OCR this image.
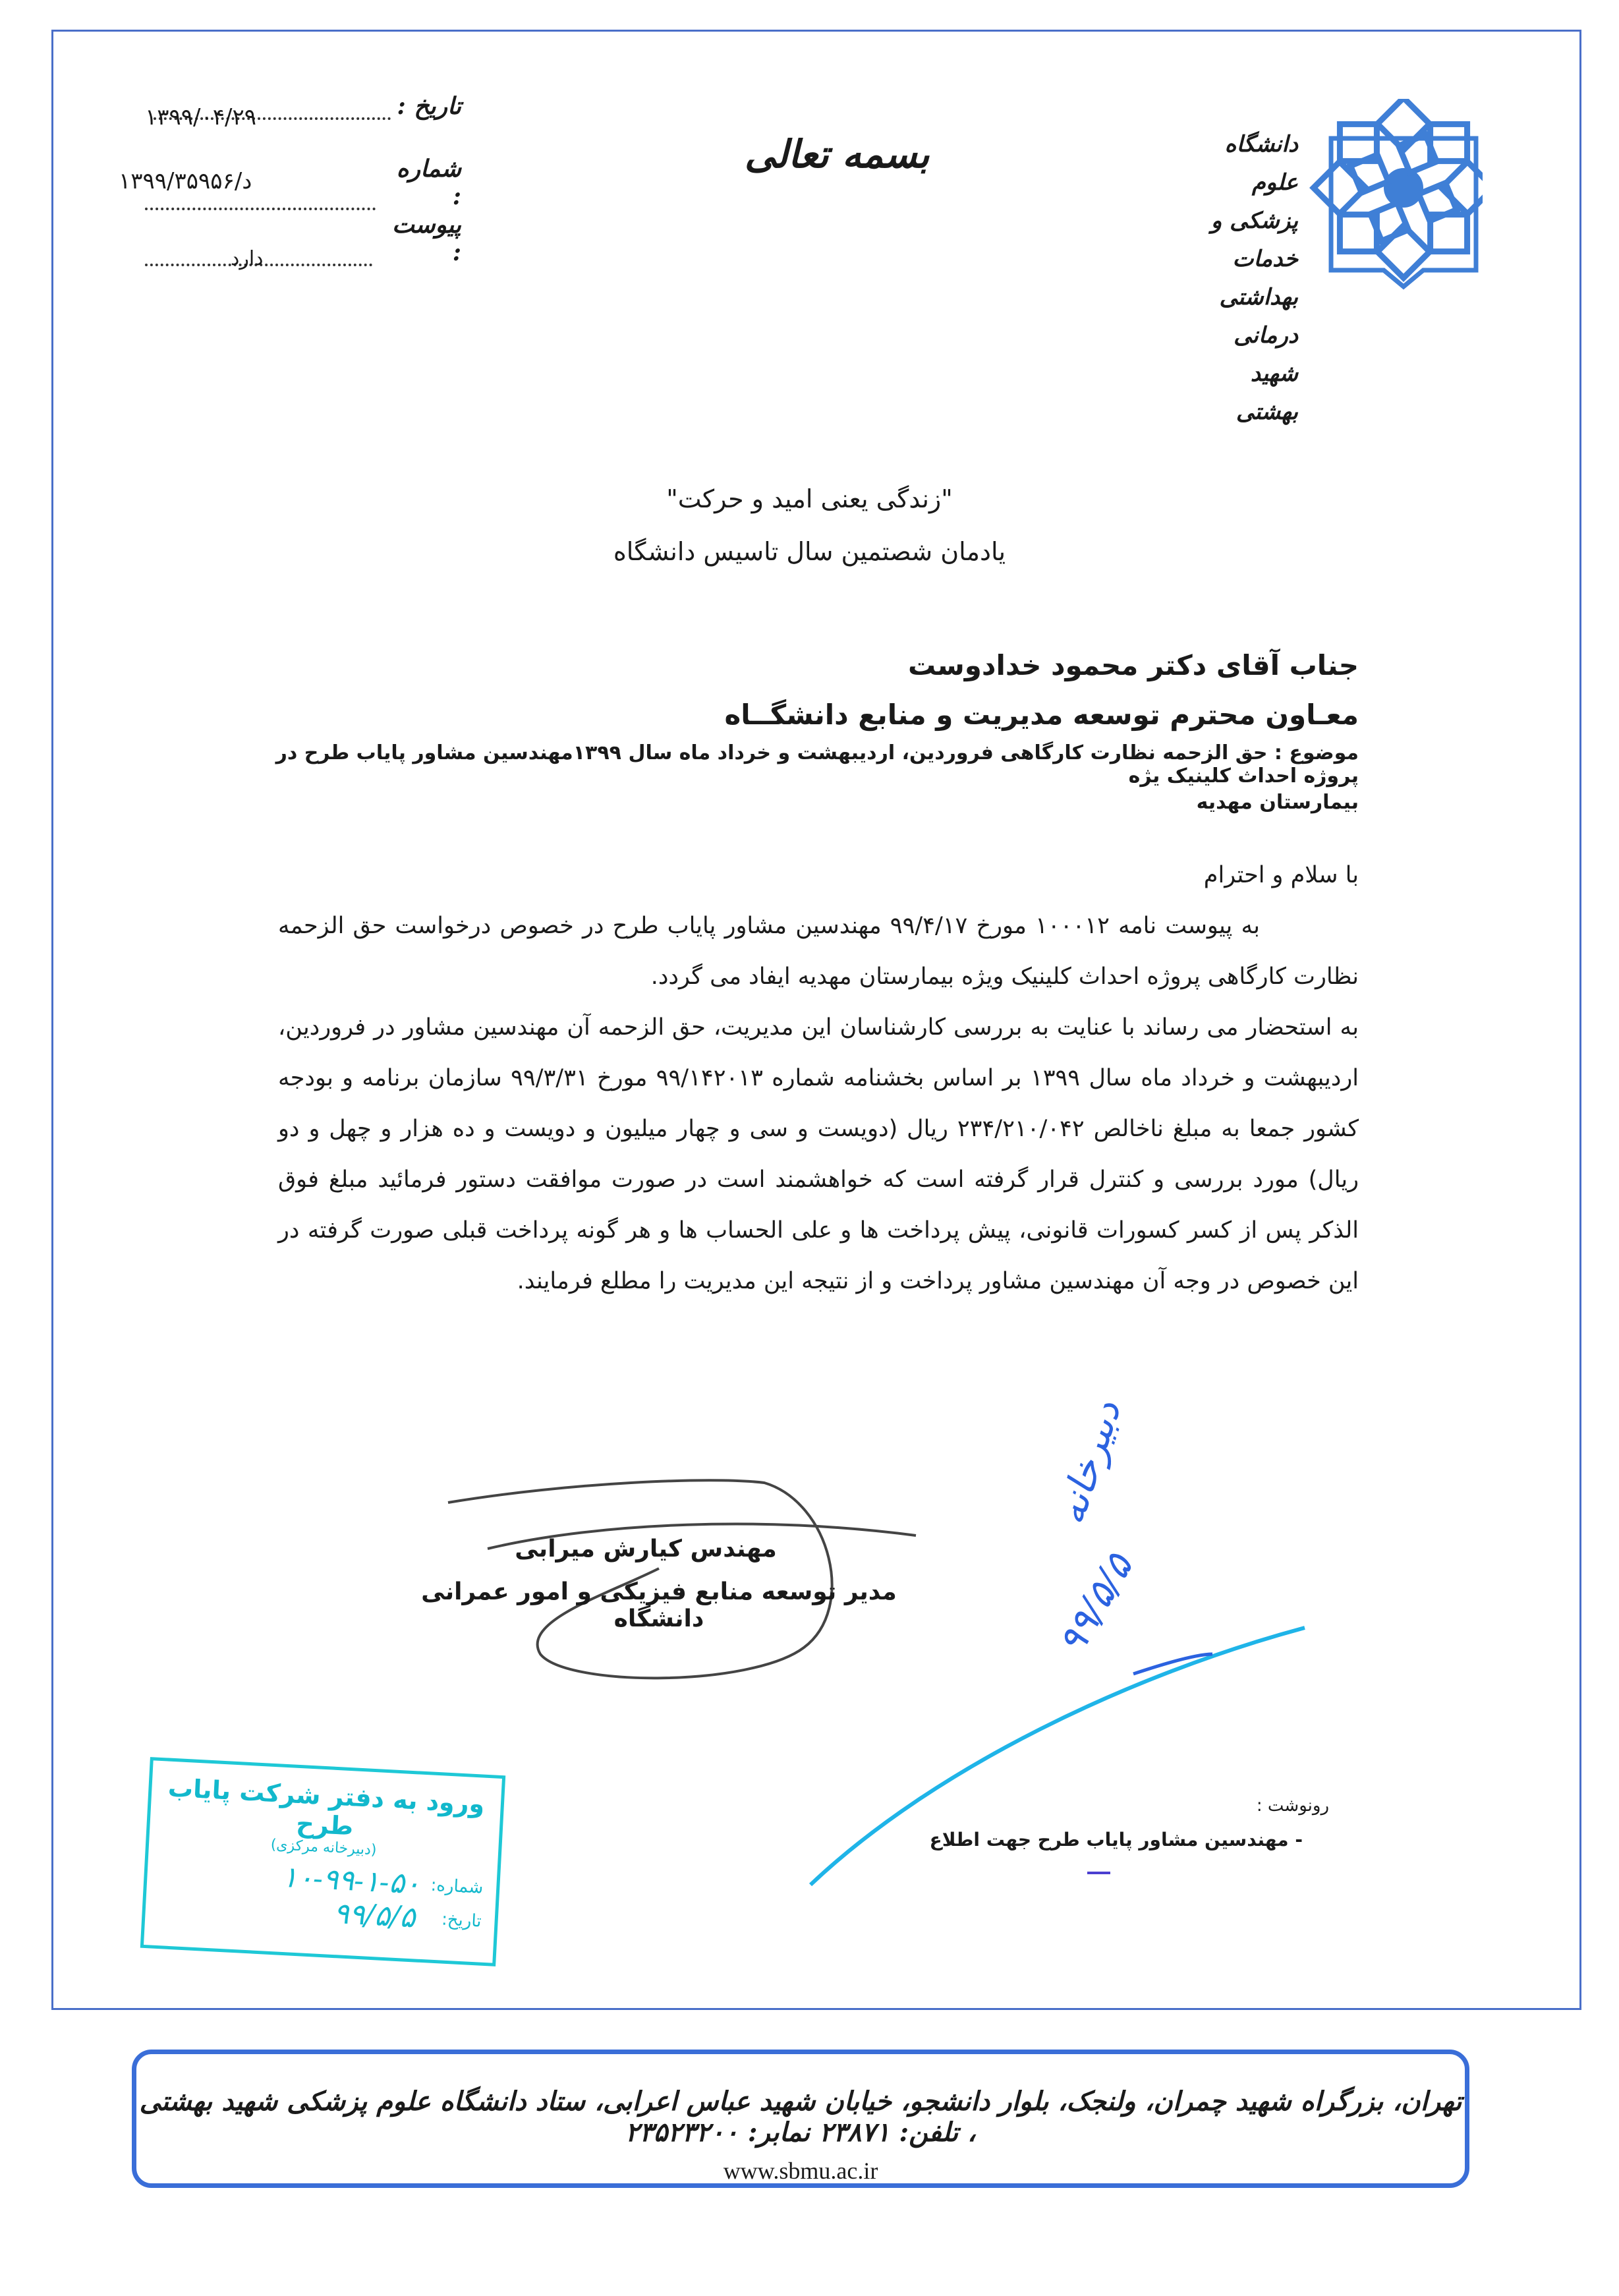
تاریخ :
۱۳۹۹/۰۴/۲۹
شماره :
۱۳۹۹/د/۳۵۹۵۶
پیوست :
دارد
بسمه تعالی	دانشگاه علوم پزشکی و خدمات بهداشتی درمانی شهید بهشتی
"زندگی یعنی امید و حرکت"
یادمان شصتمین سال تاسیس دانشگاه
جناب آقای دکتر محمود خدادوست
معـاون محترم توسعه مدیریت و منابع دانشگــاه
موضوع : حق الزحمه نظارت کارگاهی فروردین، اردیبهشت و خرداد ماه سال ۱۳۹۹مهندسین مشاور پایاب طرح در پروژه احداث کلینیک یژه
بیمارستان مهدیه

با سلام و احترام

به پیوست نامه ۱۰۰۰۱۲ مورخ ۹۹/۴/۱۷ مهندسین مشاور پایاب طرح در خصوص درخواست حق الزحمه نظارت کارگاهی پروژه احداث کلینیک ویژه بیمارستان مهدیه ایفاد می گردد.

به استحضار می رساند با عنایت به بررسی کارشناسان این مدیریت، حق الزحمه آن مهندسین مشاور در فروردین، اردیبهشت و خرداد ماه سال ۱۳۹۹ بر اساس بخشنامه شماره ۹۹/۱۴۲۰۱۳ مورخ ۹۹/۳/۳۱ سازمان برنامه و بودجه کشور جمعا به مبلغ ناخالص ۲۳۴/۲۱۰/۰۴۲ ریال (دویست و سی و چهار میلیون و دویست و ده هزار و چهل و دو ریال) مورد بررسی و کنترل قرار گرفته است که خواهشمند است در صورت موافقت دستور فرمائید مبلغ فوق الذکر پس از کسر کسورات قانونی، پیش پرداخت ها و علی الحساب ها و هر گونه پرداخت قبلی صورت گرفته در این خصوص در وجه آن مهندسین مشاور پرداخت و از نتیجه این مدیریت را مطلع فرمایند.

مهندس کیارش میرابی
مدیر توسعه منابع فیزیکی و امور عمرانی دانشگاه
دبیرخانه
۹۹/۵/۵
رونوشت :
- مهندسین مشاور پایاب طرح جهت اطلاع
ورود به دفتر شرکت پایاب طرح
(دبیرخانه مرکزی)
شماره:
۱۰-۹۹-۱-۵۰
تاریخ:
۹۹/۵/۵
تهران، بزرگراه شهید چمران، ولنجک، بلوار دانشجو، خیابان شهید عباس اعرابی، ستاد دانشگاه علوم پزشکی شهید بهشتی ، تلفن: ۲۳۸۷۱ نمابر: ۲۳۵۲۳۲۰۰
www.sbmu.ac.ir
